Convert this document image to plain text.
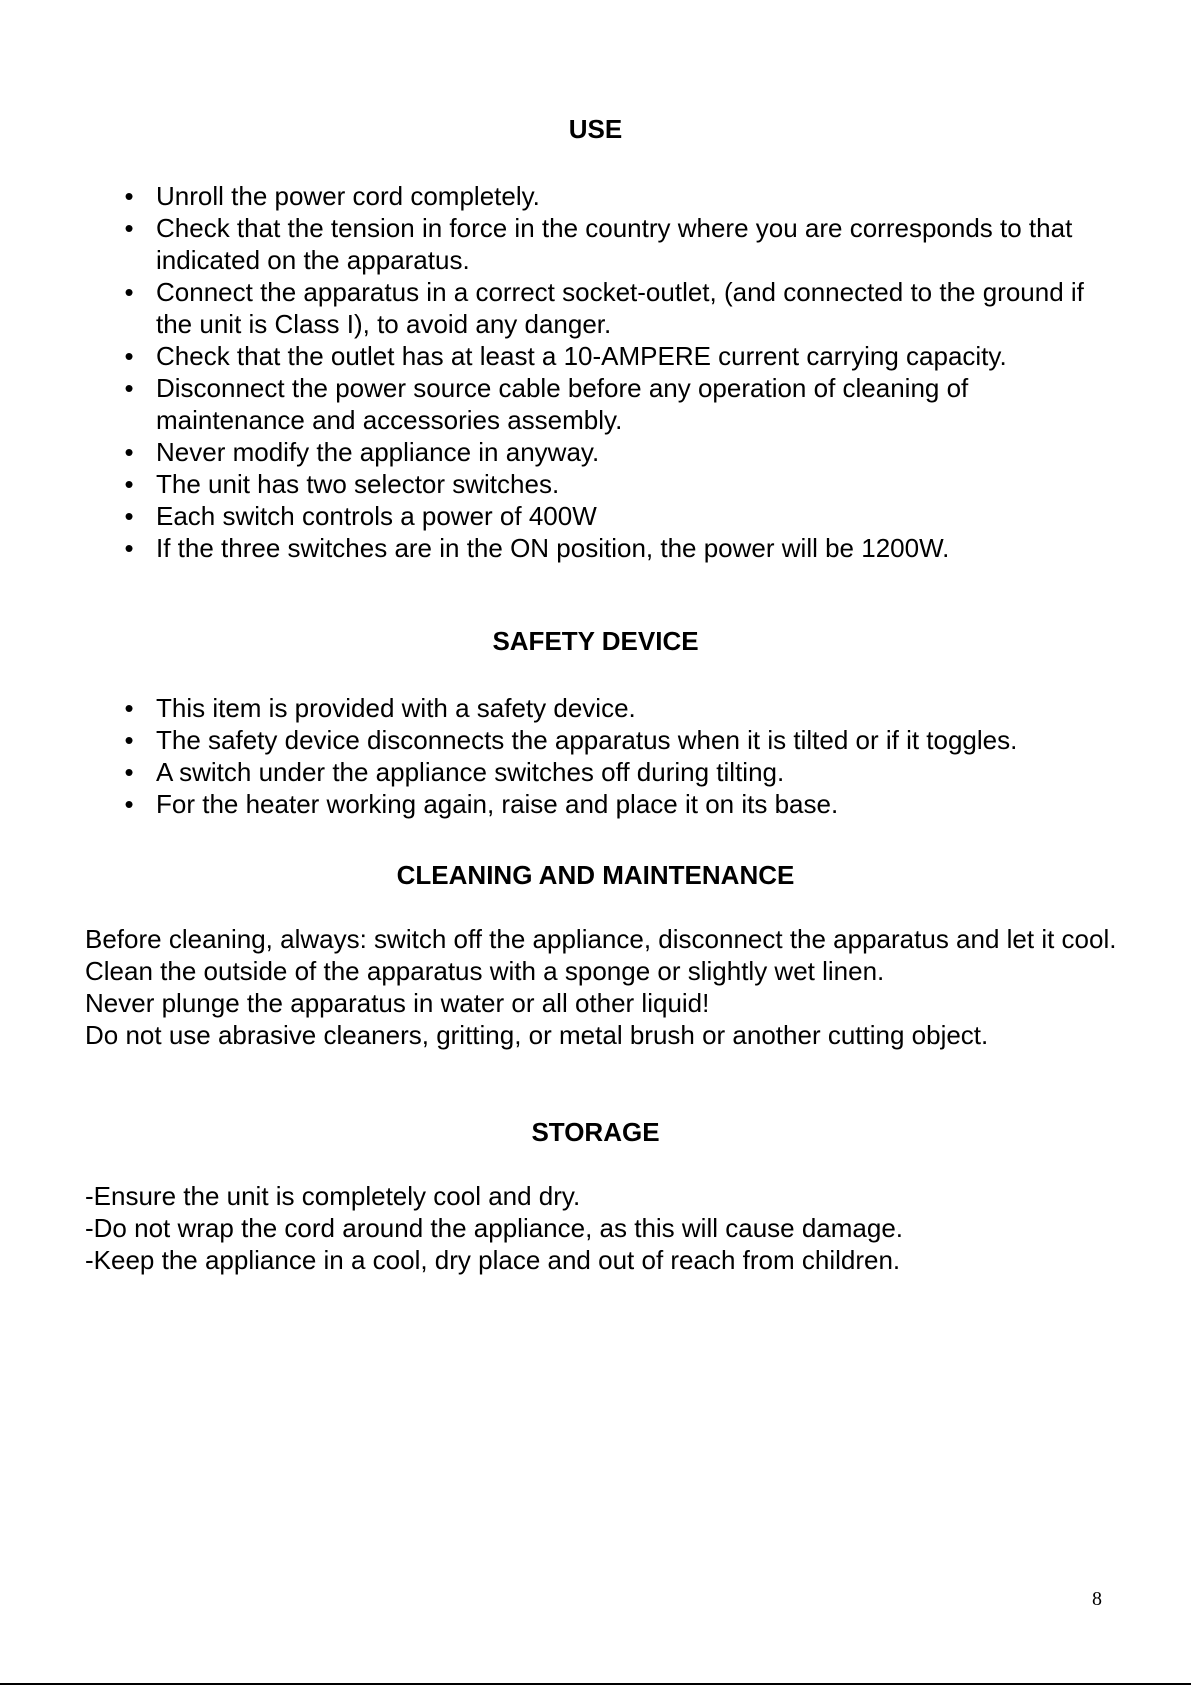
USE
• Unroll the power cord completely.
• Check that the tension in force in the country where you are corresponds to that indicated on the apparatus.
• Connect the apparatus in a correct socket-outlet, (and connected to the ground if the unit is Class I), to avoid any danger.
• Check that the outlet has at least a 10-AMPERE current carrying capacity.
• Disconnect the power source cable before any operation of cleaning of maintenance and accessories assembly.
• Never modify the appliance in anyway.
• The unit has two selector switches.
• Each switch controls a power of 400W
• If the three switches are in the ON position, the power will be 1200W.
SAFETY DEVICE
• This item is provided with a safety device.
• The safety device disconnects the apparatus when it is tilted or if it toggles.
• A switch under the appliance switches off during tilting.
• For the heater working again, raise and place it on its base.
CLEANING AND MAINTENANCE
Before cleaning, always: switch off the appliance, disconnect the apparatus and let it cool.
Clean the outside of the apparatus with a sponge or slightly wet linen.
Never plunge the apparatus in water or all other liquid!
Do not use abrasive cleaners, gritting, or metal brush or another cutting object.
STORAGE
-Ensure the unit is completely cool and dry.
-Do not wrap the cord around the appliance, as this will cause damage.
-Keep the appliance in a cool, dry place and out of reach from children.
8
